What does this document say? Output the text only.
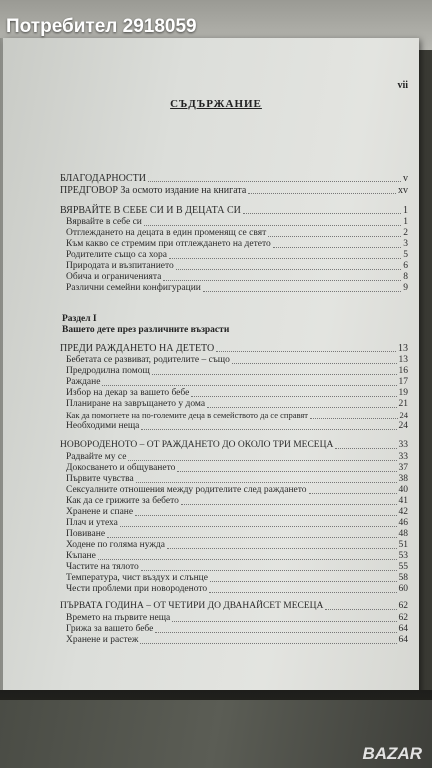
Потребител 2918059
vii
СЪДЪРЖАНИЕ
БЛАГОДАРНОСТИ	v
ПРЕДГОВОР За осмото издание на книгата	xv
ВЯРВАЙТЕ В СЕБЕ СИ И В ДЕЦАТА СИ	1
Вярвайте в себе си	1
Отглеждането на децата в един променящ се свят	2
Към какво се стремим при отглеждането на детето	3
Родителите също са хора	5
Природата и възпитанието	6
Обича и ограниченията	8
Различни семейни конфигурации	9
Раздел I
Вашето дете през различните възрасти
ПРЕДИ РАЖДАНЕТО НА ДЕТЕТО	13
Бебетата се развиват, родителите – също	13
Предродилна помощ	16
Раждане	17
Избор на декар за вашето бебе	19
Планиране на завръщането у дома	21
Как да помогнете на по-големите деца в семейството да се справят	24
Необходими неща	24
НОВОРОДЕНОТО – ОТ РАЖДАНЕТО ДО ОКОЛО ТРИ МЕСЕЦА	33
Радвайте му се	33
Докосването и общуването	37
Първите чувства	38
Сексуалните отношения между родителите след раждането	40
Как да се грижите за бебето	41
Хранене и спане	42
Плач и утеха	46
Повиване	48
Ходене по голяма нужда	51
Къпане	53
Частите на тялото	55
Температура, чист въздух и слънце	58
Чести проблеми при новороденото	60
ПЪРВАТА ГОДИНА – ОТ ЧЕТИРИ ДО ДВАНАЙСЕТ МЕСЕЦА	62
Времето на първите неща	62
Грижа за вашето бебе	64
Хранене и растеж	64
BAZAR
